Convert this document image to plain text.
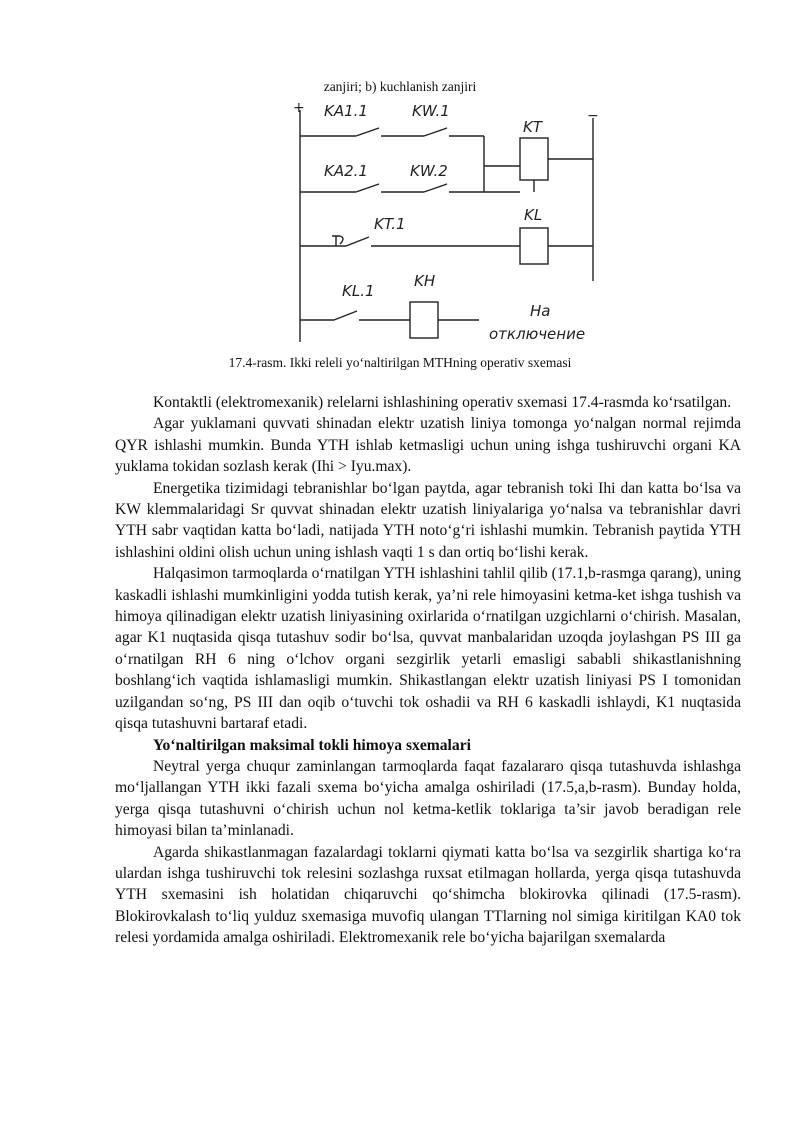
zanjiri; b) kuchlanish zanjiri
+	−
KA1.1	KW.1
KT
KA2.1	KW.2
KT.1	KL
KL.1
KH
На
отключение
17.4-rasm. Ikki releli yo‘naltirilgan MTHning operativ sxemasi

Kontaktli (elektromexanik) relelarni ishlashining operativ sxemasi 17.4-rasmda ko‘rsatilgan.

Agar yuklamani quvvati shinadan elektr uzatish liniya tomonga yo‘nalgan normal rejimda QYR ishlashi mumkin. Bunda YTH ishlab ketmasligi uchun uning ishga tushiruvchi organi KA yuklama tokidan sozlash kerak (Ihi > Iyu.max).

Energetika tizimidagi tebranishlar bo‘lgan paytda, agar tebranish toki Ihi dan katta bo‘lsa va KW klemmalaridagi Sr quvvat shinadan elektr uzatish liniyalariga yo‘nalsa va tebranishlar davri YTH sabr vaqtidan katta bo‘ladi, natijada YTH noto‘g‘ri ishlashi mumkin. Tebranish paytida YTH ishlashini oldini olish uchun uning ishlash vaqti 1 s dan ortiq bo‘lishi kerak.

Halqasimon tarmoqlarda o‘rnatilgan YTH ishlashini tahlil qilib (17.1,b-rasmga qarang), uning kaskadli ishlashi mumkinligini yodda tutish kerak, ya’ni rele himoyasini ketma-ket ishga tushish va himoya qilinadigan elektr uzatish liniyasining oxirlarida o‘rnatilgan uzgichlarni o‘chirish. Masalan, agar K1 nuqtasida qisqa tutashuv sodir bo‘lsa, quvvat manbalaridan uzoqda joylashgan PS III ga o‘rnatilgan RH 6 ning o‘lchov organi sezgirlik yetarli emasligi sababli shikastlanishning boshlang‘ich vaqtida ishlamasligi mumkin. Shikastlangan elektr uzatish liniyasi PS I tomonidan uzilgandan so‘ng, PS III dan oqib o‘tuvchi tok oshadii va RH 6 kaskadli ishlaydi, K1 nuqtasida qisqa tutashuvni bartaraf etadi.

Yo‘naltirilgan maksimal tokli himoya sxemalari

Neytral yerga chuqur zaminlangan tarmoqlarda faqat fazalararo qisqa tutashuvda ishlashga mo‘ljallangan YTH ikki fazali sxema bo‘yicha amalga oshiriladi (17.5,a,b-rasm). Bunday holda, yerga qisqa tutashuvni o‘chirish uchun nol ketma-ketlik toklariga ta’sir javob beradigan rele himoyasi bilan ta’minlanadi.

Agarda shikastlanmagan fazalardagi toklarni qiymati katta bo‘lsa va sezgirlik shartiga ko‘ra ulardan ishga tushiruvchi tok relesini sozlashga ruxsat etilmagan hollarda, yerga qisqa tutashuvda YTH sxemasini ish holatidan chiqaruvchi qo‘shimcha blokirovka qilinadi (17.5-rasm). Blokirovkalash to‘liq yulduz sxemasiga muvofiq ulangan TTlarning nol simiga kiritilgan KA0 tok relesi yordamida amalga oshiriladi. Elektromexanik rele bo‘yicha bajarilgan sxemalarda
